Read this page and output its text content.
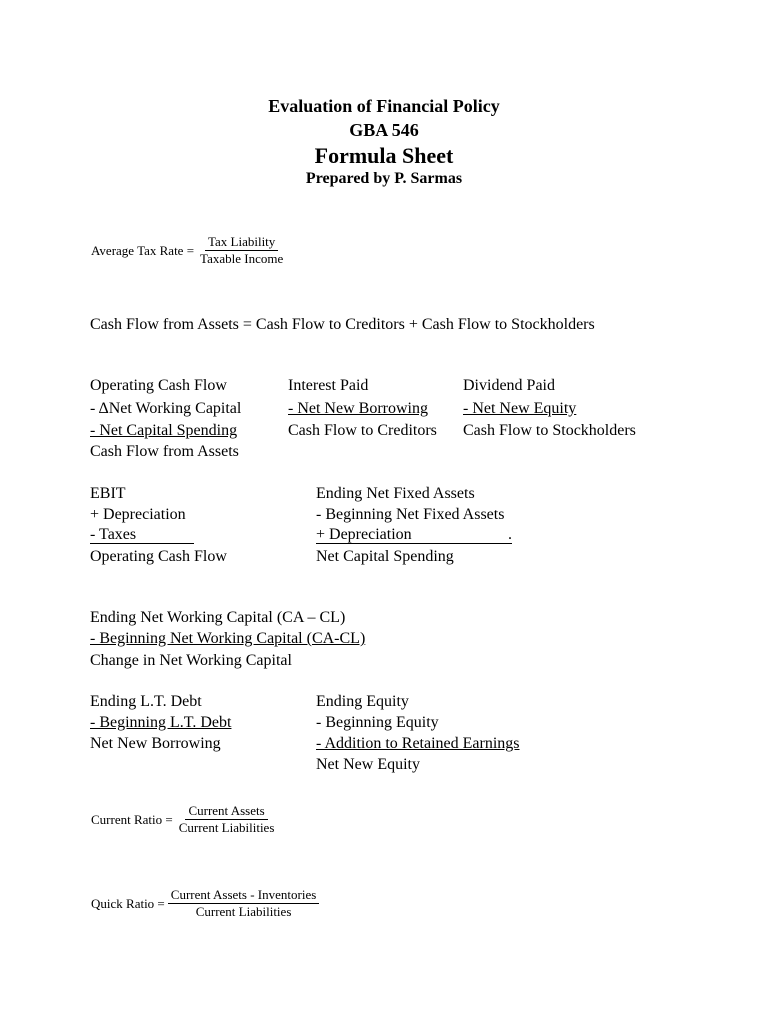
Evaluation of Financial Policy
GBA 546
Formula Sheet
Prepared by P. Sarmas
Average Tax Rate = $\frac{\text{Tax Liability}}{\text{Taxable Income}}$
Cash Flow from Assets = Cash Flow to Creditors + Cash Flow to Stockholders
Operating Cash Flow
- ΔNet Working Capital
- Net Capital Spending
Cash Flow from Assets
Interest Paid
- Net New Borrowing
Cash Flow to Creditors
Dividend Paid
- Net New Equity
Cash Flow to Stockholders
EBIT
+ Depreciation
- Taxes
Operating Cash Flow
Ending Net Fixed Assets
- Beginning Net Fixed Assets
+ Depreciation	.
Net Capital Spending
Ending Net Working Capital (CA – CL)
- Beginning Net Working Capital (CA-CL)
Change in Net Working Capital
Ending L.T. Debt
- Beginning L.T. Debt
Net New Borrowing
Ending Equity
- Beginning Equity
- Addition to Retained Earnings
Net New Equity
Current Ratio = $\frac{\text{Current Assets}}{\text{Current Liabilities}}$
Quick Ratio = $\frac{\text{Current Assets - Inventories}}{\text{Current Liabilities}}$
